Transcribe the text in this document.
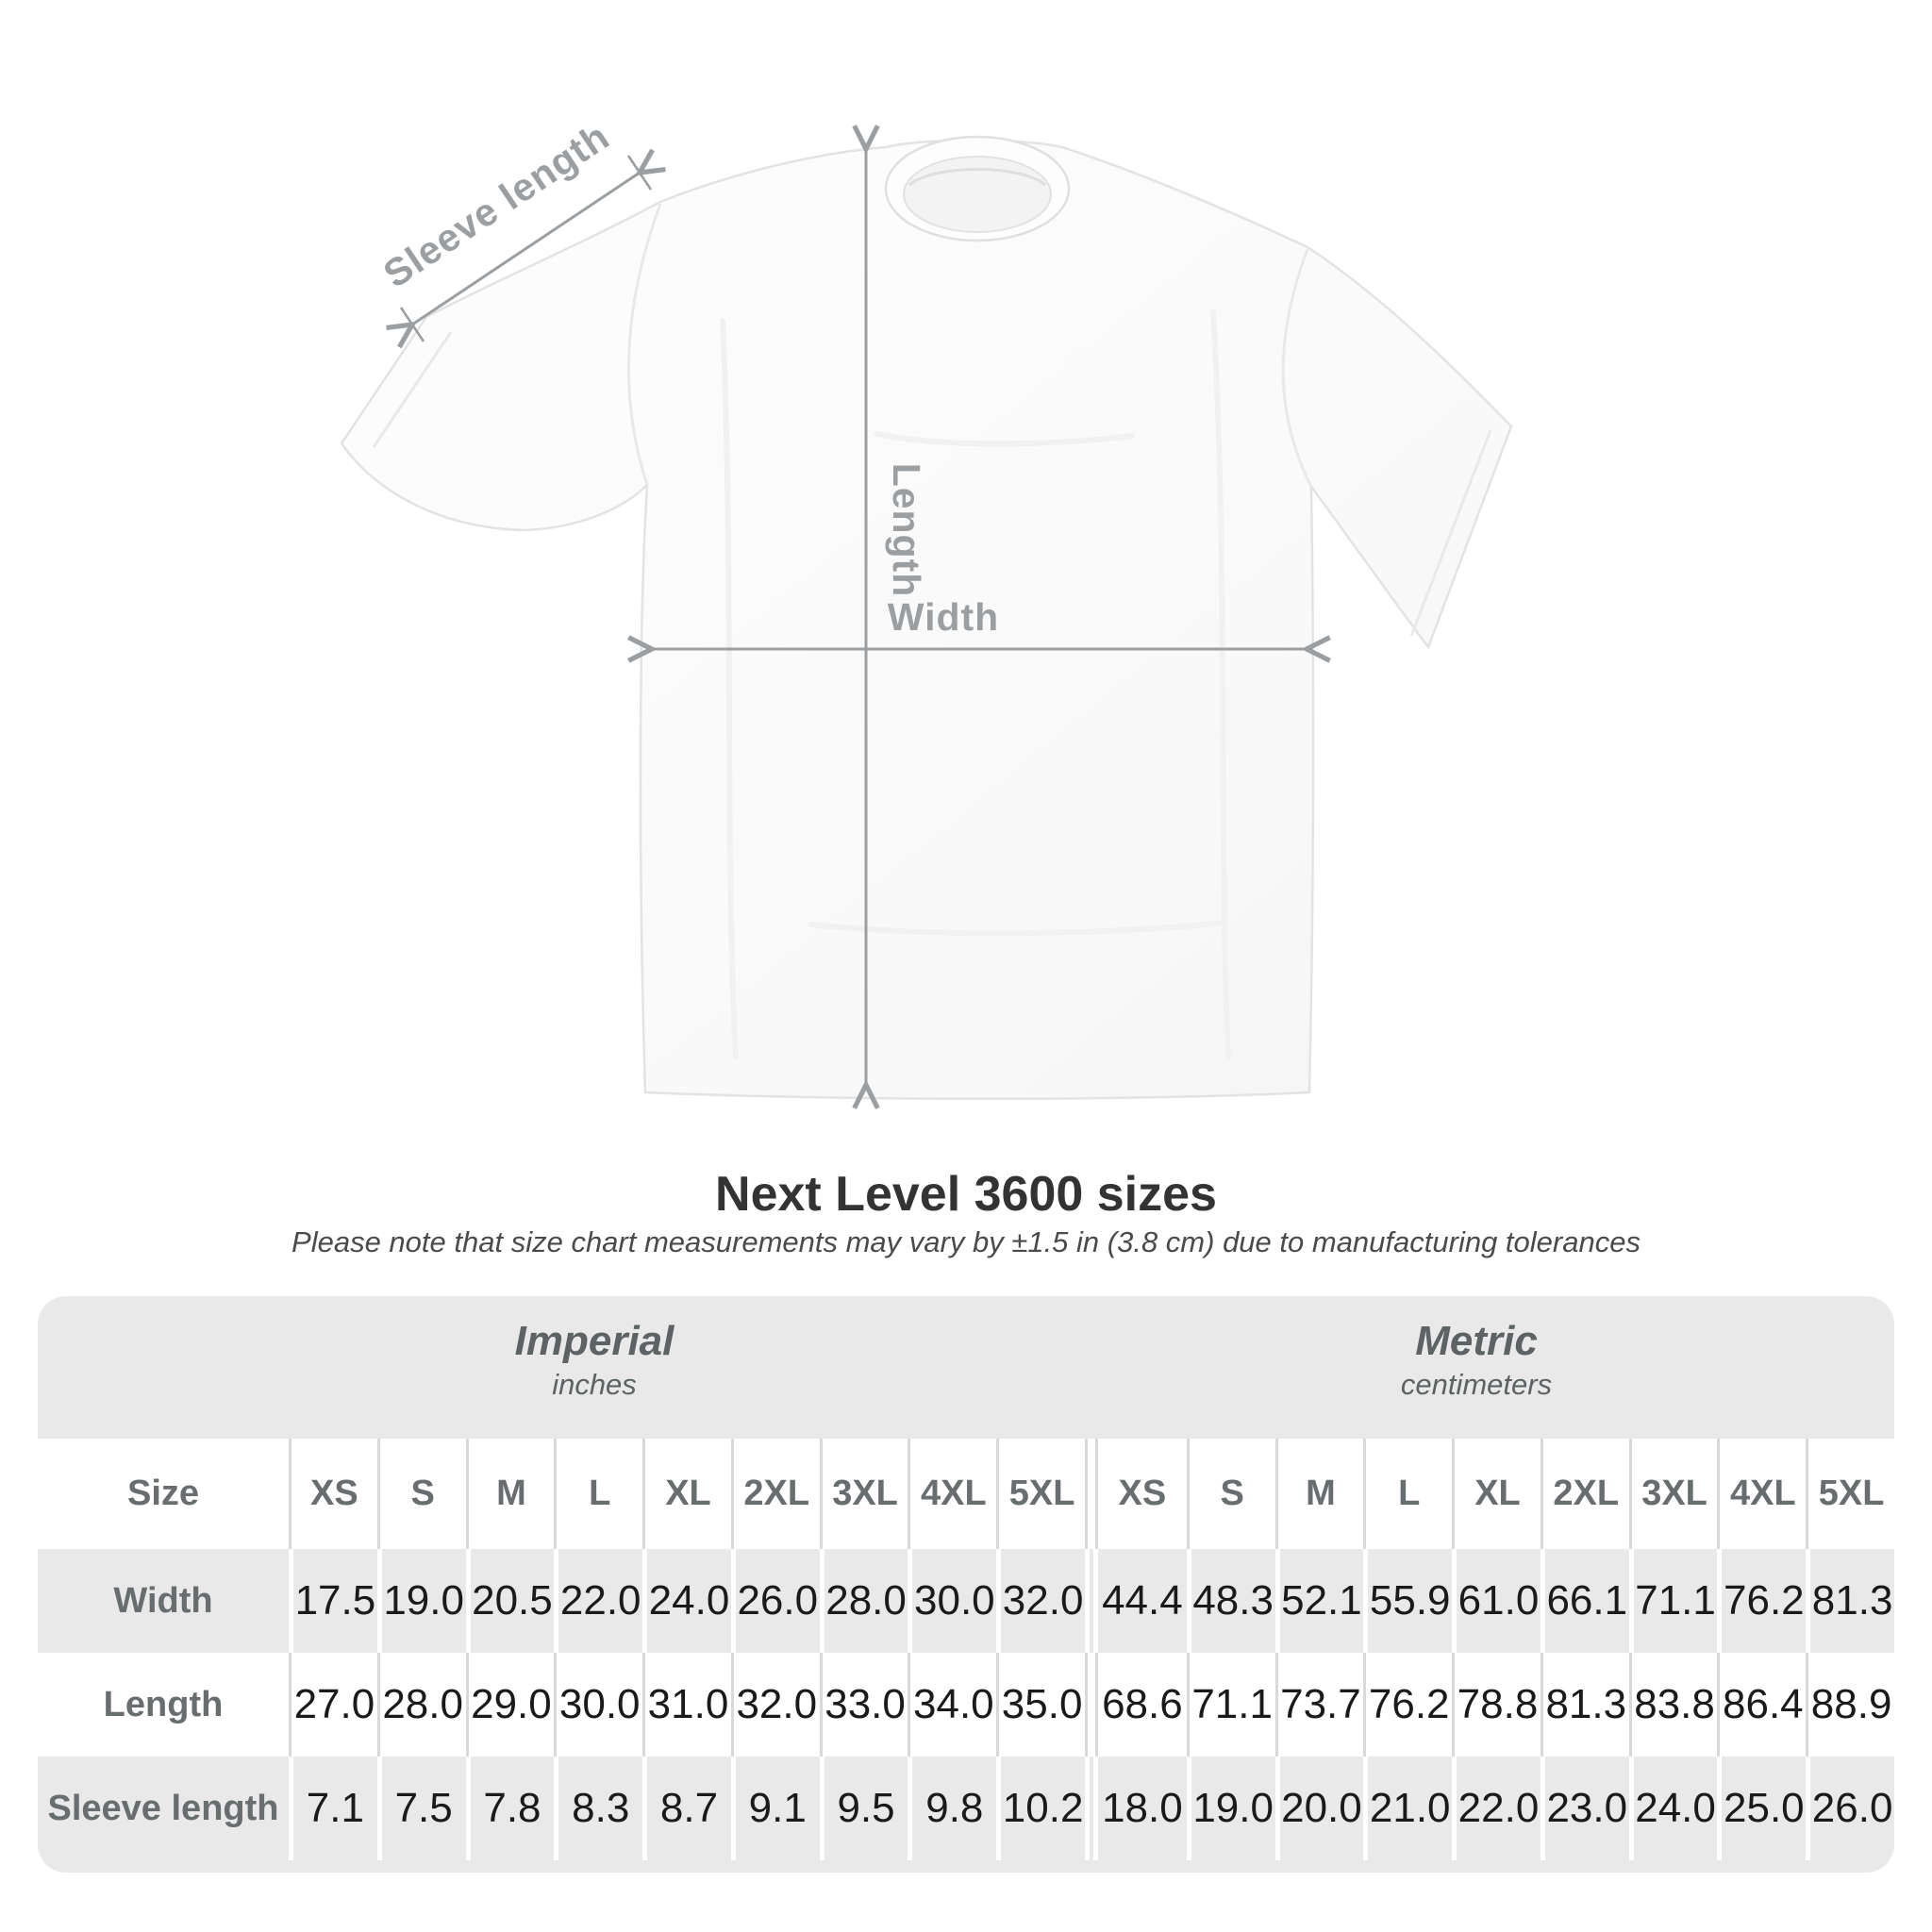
Sleeve length
Length
Width
Next Level 3600 sizes
Please note that size chart measurements may vary by ±1.5 in (3.8 cm) due to manufacturing tolerances
Imperial
inches
Metric
centimeters
Size	XS	S	M	L	XL 2XL 3XL 4XL 5XL	XS	S	M	L	XL 2XL 3XL 4XL 5XL
Width	17.5 19.0 20.5 22.0 24.0 26.0 28.0 30.0 32.0 44.4 48.3 52.1 55.9 61.0 66.1 71.1 76.2 81.3
Length	27.0 28.0 29.0 30.0 31.0 32.0 33.0 34.0 35.0 68.6 71.1 73.7 76.2 78.8 81.3 83.8 86.4 88.9
Sleeve length 7.1 7.5 7.8 8.3 8.7 9.1 9.5 9.8 10.2 18.0 19.0 20.0 21.0 22.0 23.0 24.0 25.0 26.0
